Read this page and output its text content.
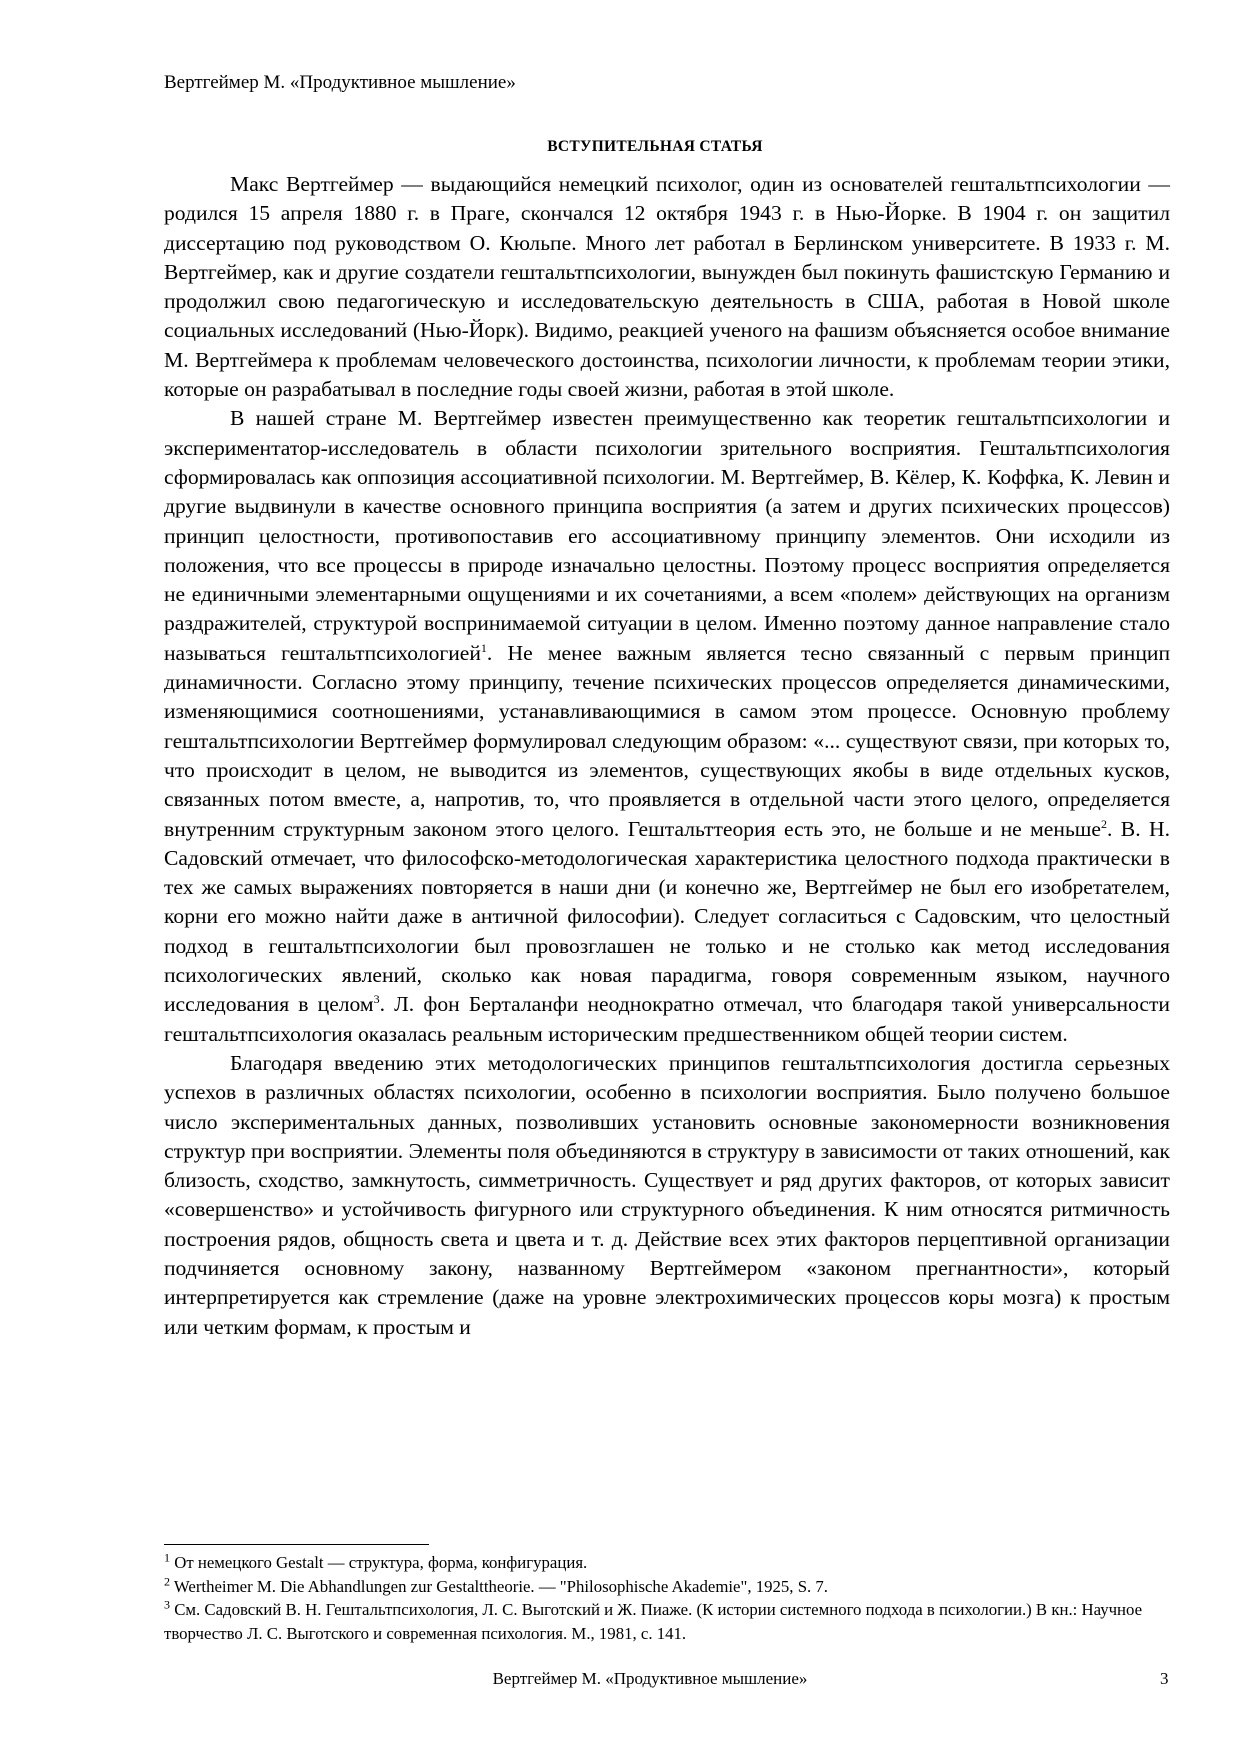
Вертгеймер М. «Продуктивное мышление»
ВСТУПИТЕЛЬНАЯ СТАТЬЯ

Макс Вертгеймер — выдающийся немецкий психолог, один из основателей гештальтпсихологии — родился 15 апреля 1880 г. в Праге, скончался 12 октября 1943 г. в Нью-Йорке. В 1904 г. он защитил диссертацию под руководством О. Кюльпе. Много лет работал в Берлинском университете. В 1933 г. М. Вертгеймер, как и другие создатели гештальтпсихологии, вынужден был покинуть фашистскую Германию и продолжил свою педагогическую и исследовательскую деятельность в США, работая в Новой школе социальных исследований (Нью-Йорк). Видимо, реакцией ученого на фашизм объясняется особое внимание М. Вертгеймера к проблемам человеческого достоинства, психологии личности, к проблемам теории этики, которые он разрабатывал в последние годы своей жизни, работая в этой школе.

В нашей стране М. Вертгеймер известен преимущественно как теоретик гештальтпсихологии и экспериментатор-исследователь в области психологии зрительного восприятия. Гештальтпсихология сформировалась как оппозиция ассоциативной психологии. М. Вертгеймер, В. Кёлер, К. Коффка, К. Левин и другие выдвинули в качестве основного принципа восприятия (а затем и других психических процессов) принцип целостности, противопоставив его ассоциативному принципу элементов. Они исходили из положения, что все процессы в природе изначально целостны. Поэтому процесс восприятия определяется не единичными элементарными ощущениями и их сочетаниями, а всем «полем» действующих на организм раздражителей, структурой воспринимаемой ситуации в целом. Именно поэтому данное направление стало называться гештальтпсихологией$^1$. Не менее важным является тесно связанный с первым принцип динамичности. Согласно этому принципу, течение психических процессов определяется динамическими, изменяющимися соотношениями, устанавливающимися в самом этом процессе. Основную проблему гештальтпсихологии Вертгеймер формулировал следующим образом: «... существуют связи, при которых то, что происходит в целом, не выводится из элементов, существующих якобы в виде отдельных кусков, связанных потом вместе, а, напротив, то, что проявляется в отдельной части этого целого, определяется внутренним структурным законом этого целого. Гештальттеория есть это, не больше и не меньше$^2$. В. Н. Садовский отмечает, что философско-методологическая характеристика целостного подхода практически в тех же самых выражениях повторяется в наши дни (и конечно же, Вертгеймер не был его изобретателем, корни его можно найти даже в античной философии). Следует согласиться с Садовским, что целостный подход в гештальтпсихологии был провозглашен не только и не столько как метод исследования психологических явлений, сколько как новая парадигма, говоря современным языком, научного исследования в целом$^3$. Л. фон Берталанфи неоднократно отмечал, что благодаря такой универсальности гештальтпсихология оказалась реальным историческим предшественником общей теории систем.

Благодаря введению этих методологических принципов гештальтпсихология достигла серьезных успехов в различных областях психологии, особенно в психологии восприятия. Было получено большое число экспериментальных данных, позволивших установить основные закономерности возникновения структур при восприятии. Элементы поля объединяются в структуру в зависимости от таких отношений, как близость, сходство, замкнутость, симметричность. Существует и ряд других факторов, от которых зависит «совершенство» и устойчивость фигурного или структурного объединения. К ним относятся ритмичность построения рядов, общность света и цвета и т. д. Действие всех этих факторов перцептивной организации подчиняется основному закону, названному Вертгеймером «законом прегнантности», который интерпретируется как стремление (даже на уровне электрохимических процессов коры мозга) к простым или четким формам, к простым и

$^1$ От немецкого Gestalt — структура, форма, конфигурация.

$^2$ Wertheimer M. Die Abhandlungen zur Gestalttheorie. — "Philosophische Akademie", 1925, S. 7.

$^3$ См. Садовский В. Н. Гештальтпсихология, Л. С. Выготский и Ж. Пиаже. (К истории системного подхода в психологии.) В кн.: Научное творчество Л. С. Выготского и современная психология. М., 1981, с. 141.

Вертгеймер М. «Продуктивное мышление»	3
